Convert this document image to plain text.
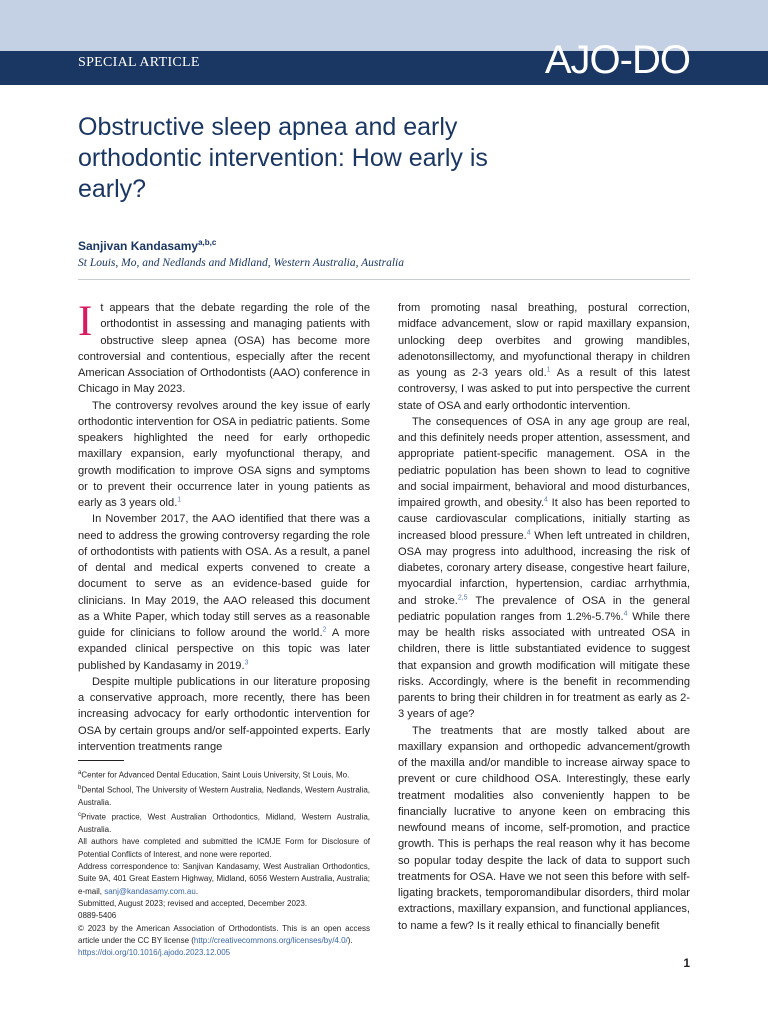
SPECIAL ARTICLE	AJO-DO
Obstructive sleep apnea and early orthodontic intervention: How early is early?
Sanjivan Kandasamy$^{a,b,c}$
St Louis, Mo, and Nedlands and Midland, Western Australia, Australia

It appears that the debate regarding the role of the orthodontist in assessing and managing patients with obstructive sleep apnea (OSA) has become more controversial and contentious, especially after the recent American Association of Orthodontists (AAO) conference in Chicago in May 2023.

The controversy revolves around the key issue of early orthodontic intervention for OSA in pediatric patients. Some speakers highlighted the need for early orthopedic maxillary expansion, early myofunctional therapy, and growth modification to improve OSA signs and symptoms or to prevent their occurrence later in young patients as early as 3 years old.$^1$

In November 2017, the AAO identified that there was a need to address the growing controversy regarding the role of orthodontists with patients with OSA. As a result, a panel of dental and medical experts convened to create a document to serve as an evidence-based guide for clinicians. In May 2019, the AAO released this document as a White Paper, which today still serves as a reasonable guide for clinicians to follow around the world.$^2$ A more expanded clinical perspective on this topic was later published by Kandasamy in 2019.$^3$

Despite multiple publications in our literature proposing a conservative approach, more recently, there has been increasing advocacy for early orthodontic intervention for OSA by certain groups and/or self-appointed experts. Early intervention treatments range

from promoting nasal breathing, postural correction, midface advancement, slow or rapid maxillary expansion, unlocking deep overbites and growing mandibles, adenotonsillectomy, and myofunctional therapy in children as young as 2-3 years old.$^1$ As a result of this latest controversy, I was asked to put into perspective the current state of OSA and early orthodontic intervention.

The consequences of OSA in any age group are real, and this definitely needs proper attention, assessment, and appropriate patient-specific management. OSA in the pediatric population has been shown to lead to cognitive and social impairment, behavioral and mood disturbances, impaired growth, and obesity.$^4$ It also has been reported to cause cardiovascular complications, initially starting as increased blood pressure.$^4$ When left untreated in children, OSA may progress into adulthood, increasing the risk of diabetes, coronary artery disease, congestive heart failure, myocardial infarction, hypertension, cardiac arrhythmia, and stroke.$^{2,5}$ The prevalence of OSA in the general pediatric population ranges from 1.2%-5.7%.$^4$ While there may be health risks associated with untreated OSA in children, there is little substantiated evidence to suggest that expansion and growth modification will mitigate these risks. Accordingly, where is the benefit in recommending parents to bring their children in for treatment as early as 2-3 years of age?

The treatments that are mostly talked about are maxillary expansion and orthopedic advancement/growth of the maxilla and/or mandible to increase airway space to prevent or cure childhood OSA. Interestingly, these early treatment modalities also conveniently happen to be financially lucrative to anyone keen on embracing this newfound means of income, self-promotion, and practice growth. This is perhaps the real reason why it has become so popular today despite the lack of data to support such treatments for OSA. Have we not seen this before with self-ligating brackets, temporomandibular disorders, third molar extractions, maxillary expansion, and functional appliances, to name a few? Is it really ethical to financially benefit

$^a$Center for Advanced Dental Education, Saint Louis University, St Louis, Mo.
$^b$Dental School, The University of Western Australia, Nedlands, Western Australia, Australia.
$^c$Private practice, West Australian Orthodontics, Midland, Western Australia, Australia.
All authors have completed and submitted the ICMJE Form for Disclosure of Potential Conflicts of Interest, and none were reported.
Address correspondence to: Sanjivan Kandasamy, West Australian Orthodontics, Suite 9A, 401 Great Eastern Highway, Midland, 6056 Western Australia, Australia; e-mail, sanj@kandasamy.com.au.
Submitted, August 2023; revised and accepted, December 2023.
0889-5406
© 2023 by the American Association of Orthodontists. This is an open access article under the CC BY license (http://creativecommons.org/licenses/by/4.0/).
https://doi.org/10.1016/j.ajodo.2023.12.005
1
